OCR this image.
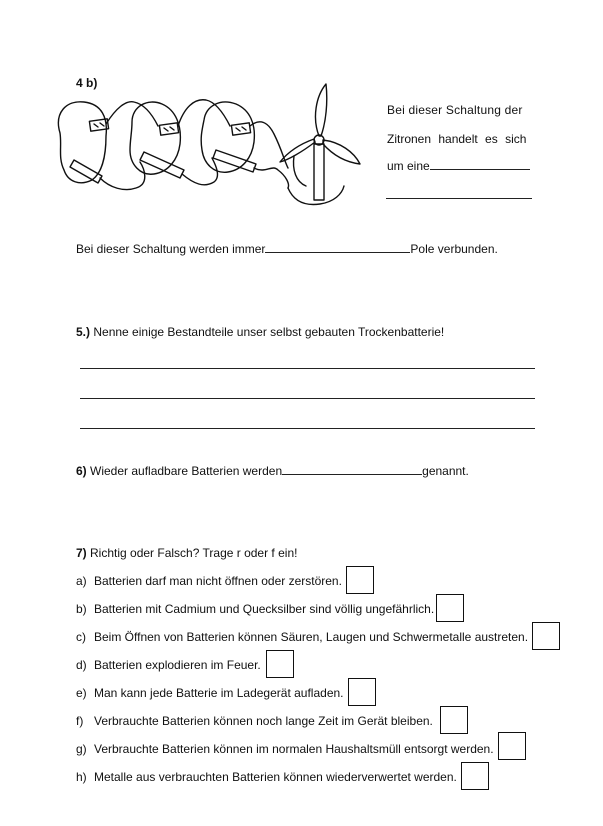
4 b)
Bei dieser Schaltung der
Zitronen handelt es sich
um eine
Bei dieser Schaltung werden immer	Pole verbunden.
5.) Nenne einige Bestandteile unser selbst gebauten Trockenbatterie!
6) Wieder aufladbare Batterien werden	genannt.
7) Richtig oder Falsch? Trage r oder f ein!
a) Batterien darf man nicht öffnen oder zerstören.
b) Batterien mit Cadmium und Quecksilber sind völlig ungefährlich.
c) Beim Öffnen von Batterien können Säuren, Laugen und Schwermetalle austreten.
d) Batterien explodieren im Feuer.
e) Man kann jede Batterie im Ladegerät aufladen.
f) Verbrauchte Batterien können noch lange Zeit im Gerät bleiben.
g) Verbrauchte Batterien können im normalen Haushaltsmüll entsorgt werden.
h) Metalle aus verbrauchten Batterien können wiederverwertet werden.
